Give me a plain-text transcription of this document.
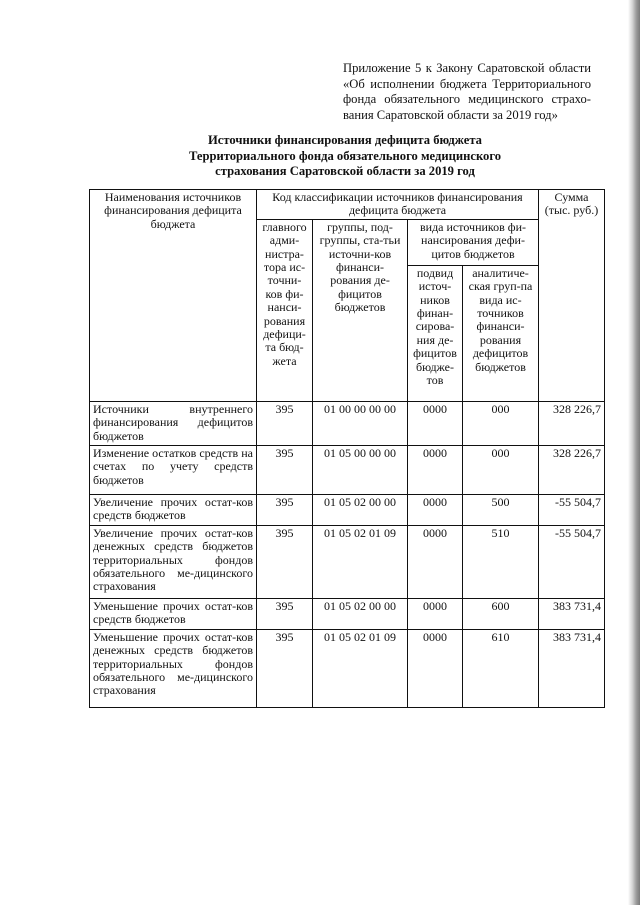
Приложение 5 к Закону Саратовской области
«Об исполнении бюджета Территориального
фонда обязательного медицинского страхо-
вания Саратовской области за 2019 год»
Источники финансирования дефицита бюджета
Территориального фонда обязательного медицинского
страхования Саратовской области за 2019 год
Наименования источников финансирования дефицита бюджета	Код классификации источников финансирования дефицита бюджета				Сумма (тыс. руб.)
	главного адми-нистра-тора ис-точни-ков фи-нанси-рования дефици-та бюд-жета	группы, под-группы, ста-тьи источни-ков финанси-рования де-фицитов бюджетов	вида источников фи-нансирования дефи-цитов бюджетов		
			подвид источ-ников финан-сирова-ния де-фицитов бюдже-тов	аналитиче-ская груп-па вида ис-точников финанси-рования дефицитов бюджетов	
Источники внутреннего финансирования дефицитов бюджетов	395	01 00 00 00 00	0000	000	328 226,7
Изменение остатков средств на счетах по учету средств бюджетов	395	01 05 00 00 00	0000	000	328 226,7
Увеличение прочих остат-ков средств бюджетов	395	01 05 02 00 00	0000	500	-55 504,7
Увеличение прочих остат-ков денежных средств бюджетов территориальных фондов обязательного ме-дицинского страхования	395	01 05 02 01 09	0000	510	-55 504,7
Уменьшение прочих остат-ков средств бюджетов	395	01 05 02 00 00	0000	600	383 731,4
Уменьшение прочих остат-ков денежных средств бюджетов территориальных фондов обязательного ме-дицинского страхования	395	01 05 02 01 09	0000	610	383 731,4
